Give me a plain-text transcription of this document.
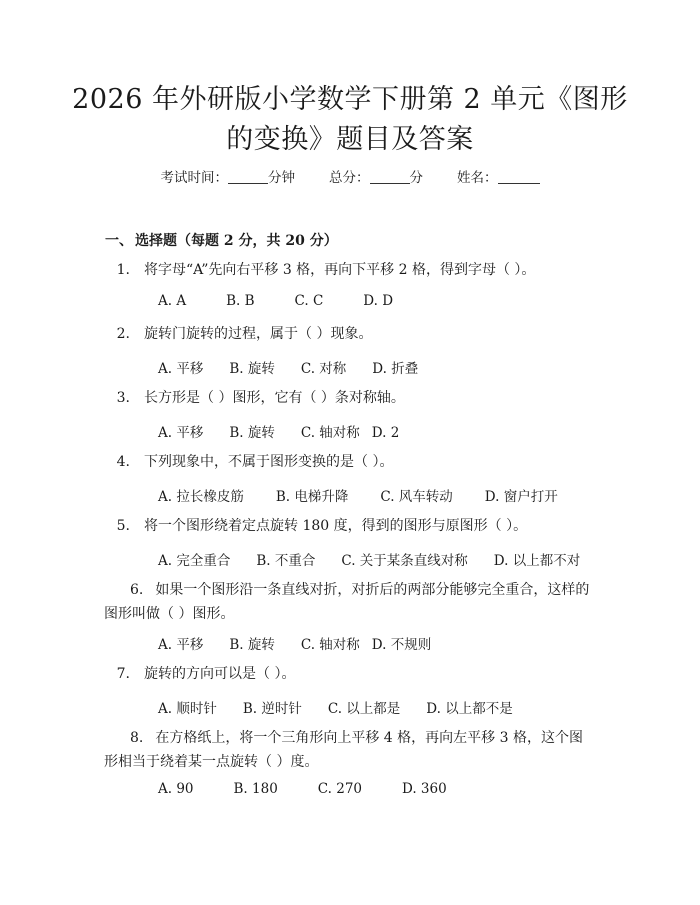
2026 年外研版小学数学下册第 2 单元《图形
的变换》题目及答案
考试时间：	分钟	总分：	分	姓名：
一、 选择题（每题 2 分，共 20 分）
1. 将字母“A”先向右平移 3 格，再向下平移 2 格，得到字母（ ）。
A. A	B. B	C. C	D. D
2. 旋转门旋转的过程，属于（ ）现象。
A. 平移 B. 旋转 C. 对称 D. 折叠
3. 长方形是（ ）图形，它有（ ）条对称轴。
A. 平移 B. 旋转 C. 轴对称 D. 2
4. 下列现象中，不属于图形变换的是（ ）。
A. 拉长橡皮筋 B. 电梯升降 C. 风车转动 D. 窗户打开
5. 将一个图形绕着定点旋转 180 度，得到的图形与原图形（ ）。
A. 完全重合 B. 不重合 C. 关于某条直线对称 D. 以上都不对
6. 如果一个图形沿一条直线对折，对折后的两部分能够完全重合，这样的图形叫做（ ）图形。
A. 平移 B. 旋转 C. 轴对称 D. 不规则
7. 旋转的方向可以是（ ）。
A. 顺时针 B. 逆时针 C. 以上都是 D. 以上都不是
8. 在方格纸上，将一个三角形向上平移 4 格，再向左平移 3 格，这个图形相当于绕着某一点旋转（ ）度。
A. 90	B. 180	C. 270	D. 360
